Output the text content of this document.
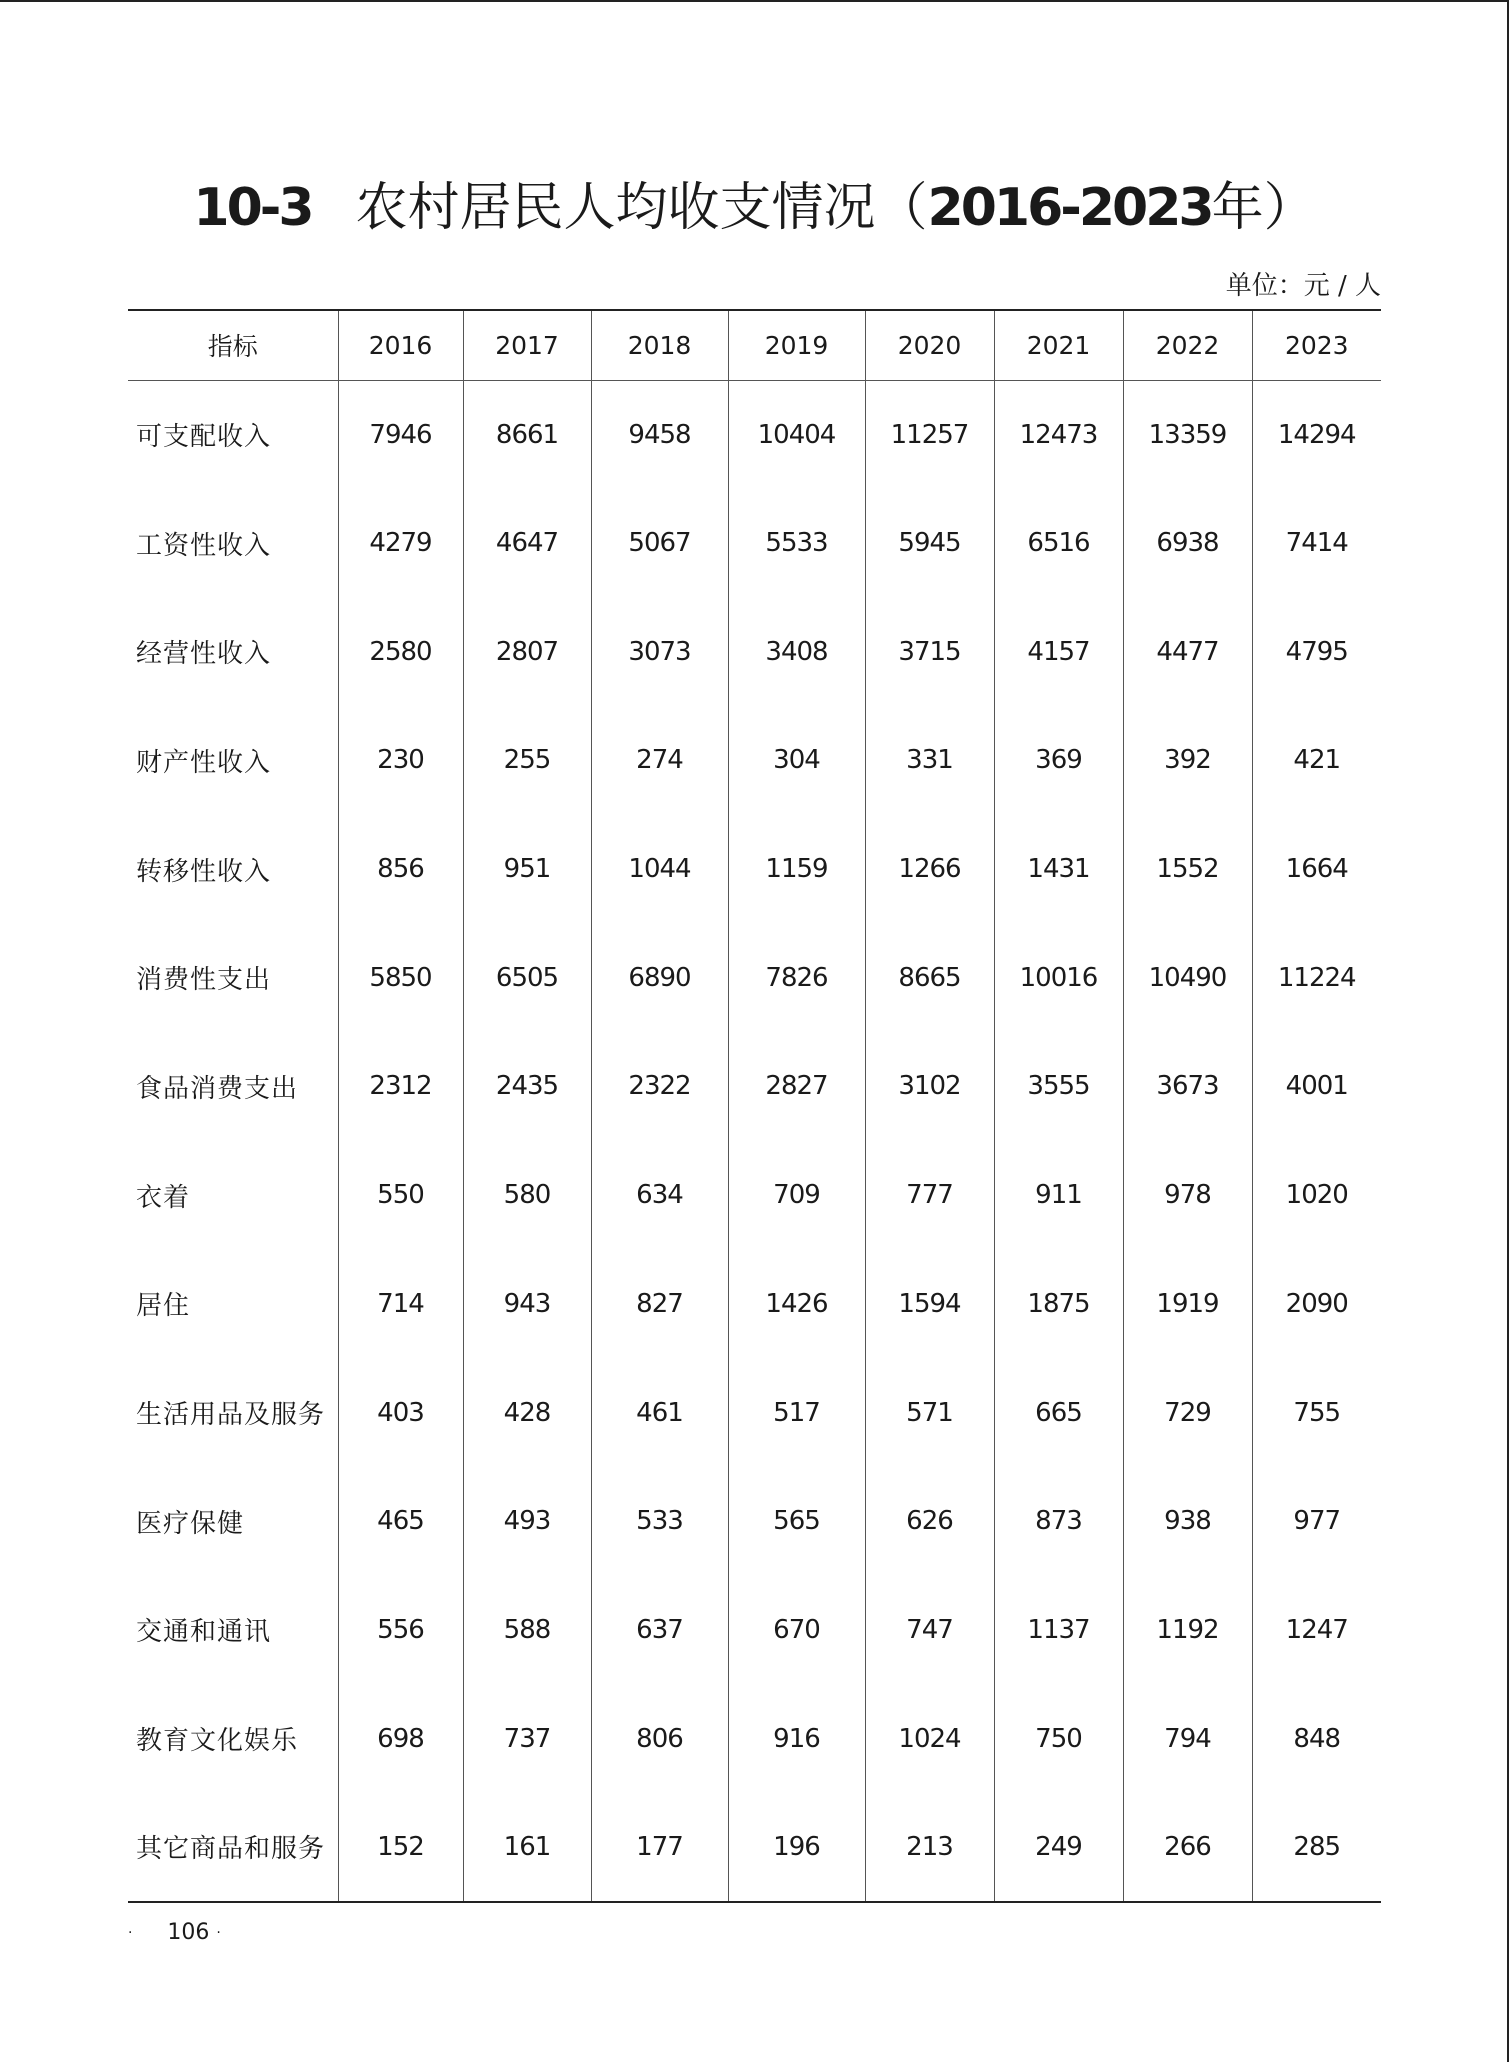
10-3 农村居民人均收支情况（2016-2023年）
单位：元 / 人
指标	2016	2017	2018	2019	2020	2021	2022	2023
可支配收入	7946	8661	9458	10404	11257	12473	13359	14294
工资性收入	4279	4647	5067	5533	5945	6516	6938	7414
经营性收入	2580	2807	3073	3408	3715	4157	4477	4795
财产性收入	230	255	274	304	331	369	392	421
转移性收入	856	951	1044	1159	1266	1431	1552	1664
消费性支出	5850	6505	6890	7826	8665	10016	10490	11224
食品消费支出	2312	2435	2322	2827	3102	3555	3673	4001
衣着	550	580	634	709	777	911	978	1020
居住	714	943	827	1426	1594	1875	1919	2090
生活用品及服务	403	428	461	517	571	665	729	755
医疗保健	465	493	533	565	626	873	938	977
交通和通讯	556	588	637	670	747	1137	1192	1247
教育文化娱乐	698	737	806	916	1024	750	794	848
其它商品和服务	152	161	177	196	213	249	266	285
· 106 ·
